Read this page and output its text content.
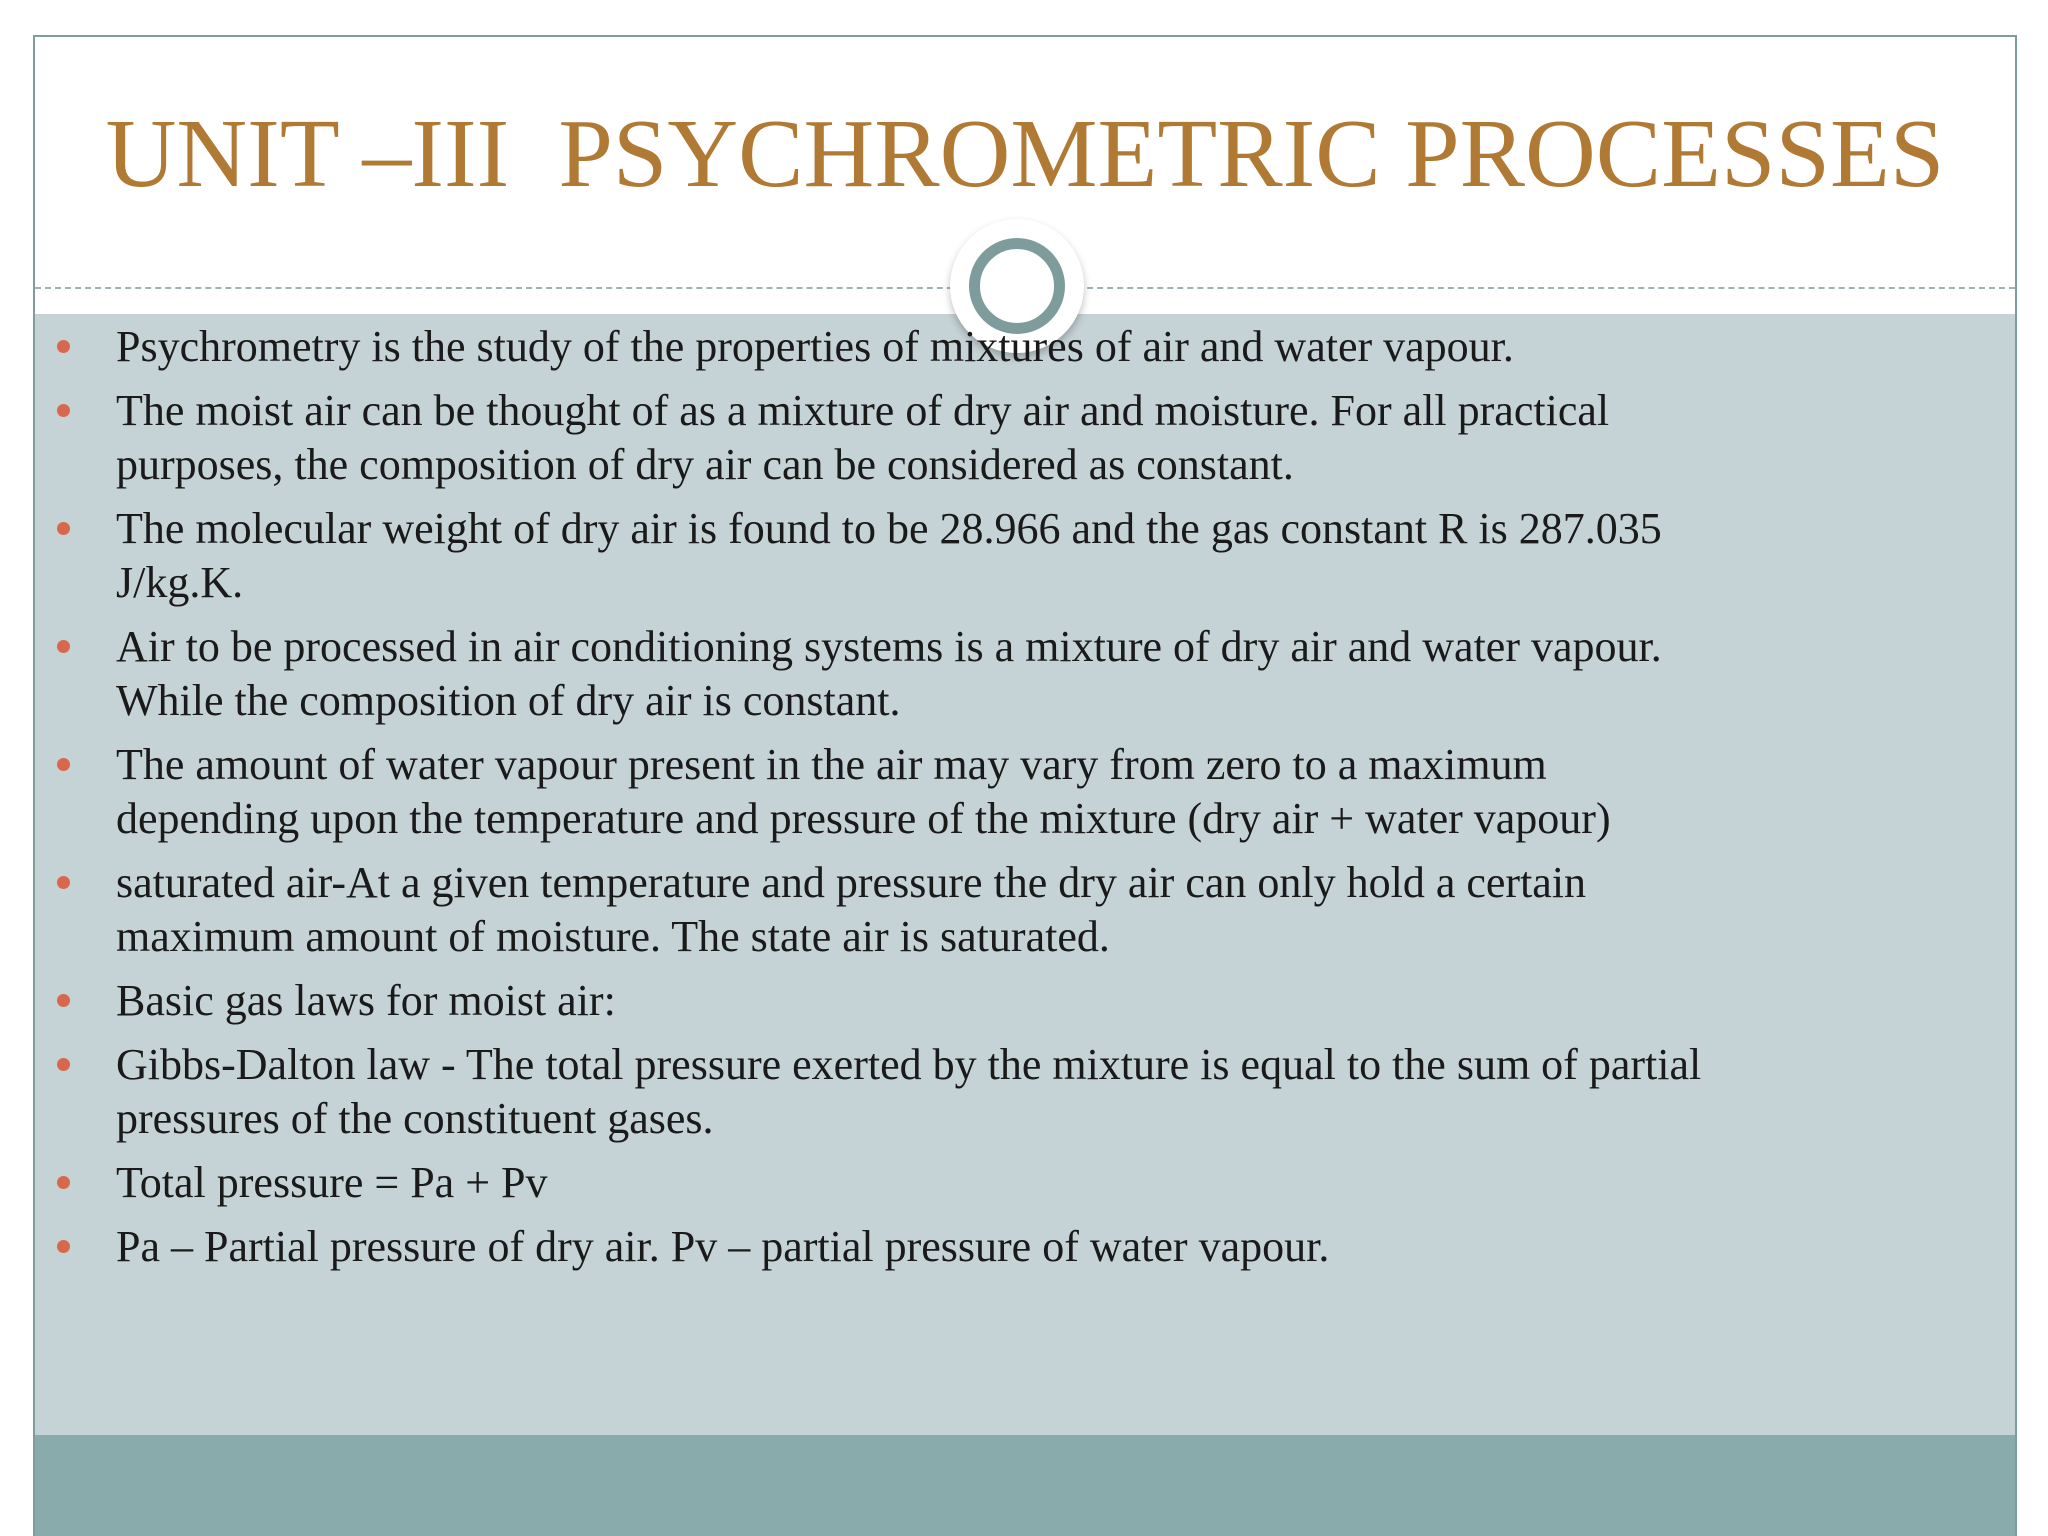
UNIT –III  PSYCHROMETRIC PROCESSES
Psychrometry is the study of the properties of mixtures of air and water vapour.
The moist air can be thought of as a mixture of dry air and moisture. For all practical
purposes, the composition of dry air can be considered as constant.
The molecular weight of dry air is found to be 28.966 and the gas constant R is 287.035
J/kg.K.
Air to be processed in air conditioning systems is a mixture of dry air and water vapour.
While the composition of dry air is constant.
The amount of water vapour present in the air may vary from zero to a maximum
depending upon the temperature and pressure of the mixture (dry air + water vapour)
saturated air-At a given temperature and pressure the dry air can only hold a certain
maximum amount of moisture. The state air is saturated.
Basic gas laws for moist air:
Gibbs-Dalton law - The total pressure exerted by the mixture is equal to the sum of partial
pressures of the constituent gases.
Total pressure = Pa + Pv
Pa – Partial pressure of dry air. Pv – partial pressure of water vapour.
